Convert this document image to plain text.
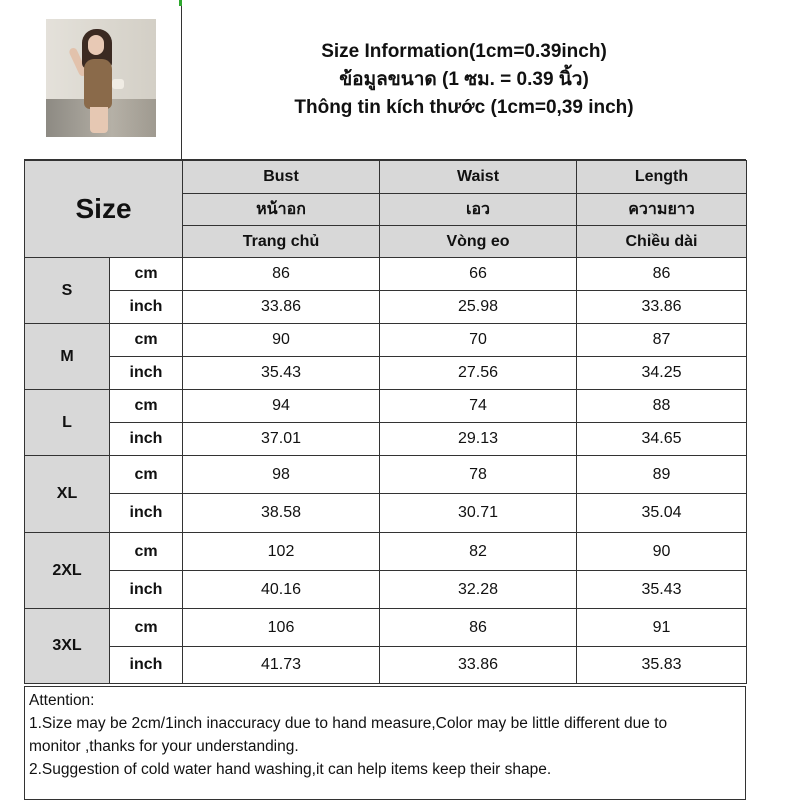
Size Information(1cm=0.39inch)
ข้อมูลขนาด (1 ซม. = 0.39 นิ้ว)
Thông tin kích thước (1cm=0,39 inch)
Size		Bust	Waist	Length
		หน้าอก	เอว	ความยาว
		Trang chủ	Vòng eo	Chiều dài
S	cm	86	66	86
	inch	33.86	25.98	33.86
M	cm	90	70	87
	inch	35.43	27.56	34.25
L	cm	94	74	88
	inch	37.01	29.13	34.65
XL	cm	98	78	89
	inch	38.58	30.71	35.04
2XL	cm	102	82	90
	inch	40.16	32.28	35.43
3XL	cm	106	86	91
	inch	41.73	33.86	35.83
Attention:
1.Size may be 2cm/1inch inaccuracy due to hand measure,Color may be little different due to
monitor ,thanks for your understanding.
2.Suggestion of cold water hand washing,it can help items keep their shape.
